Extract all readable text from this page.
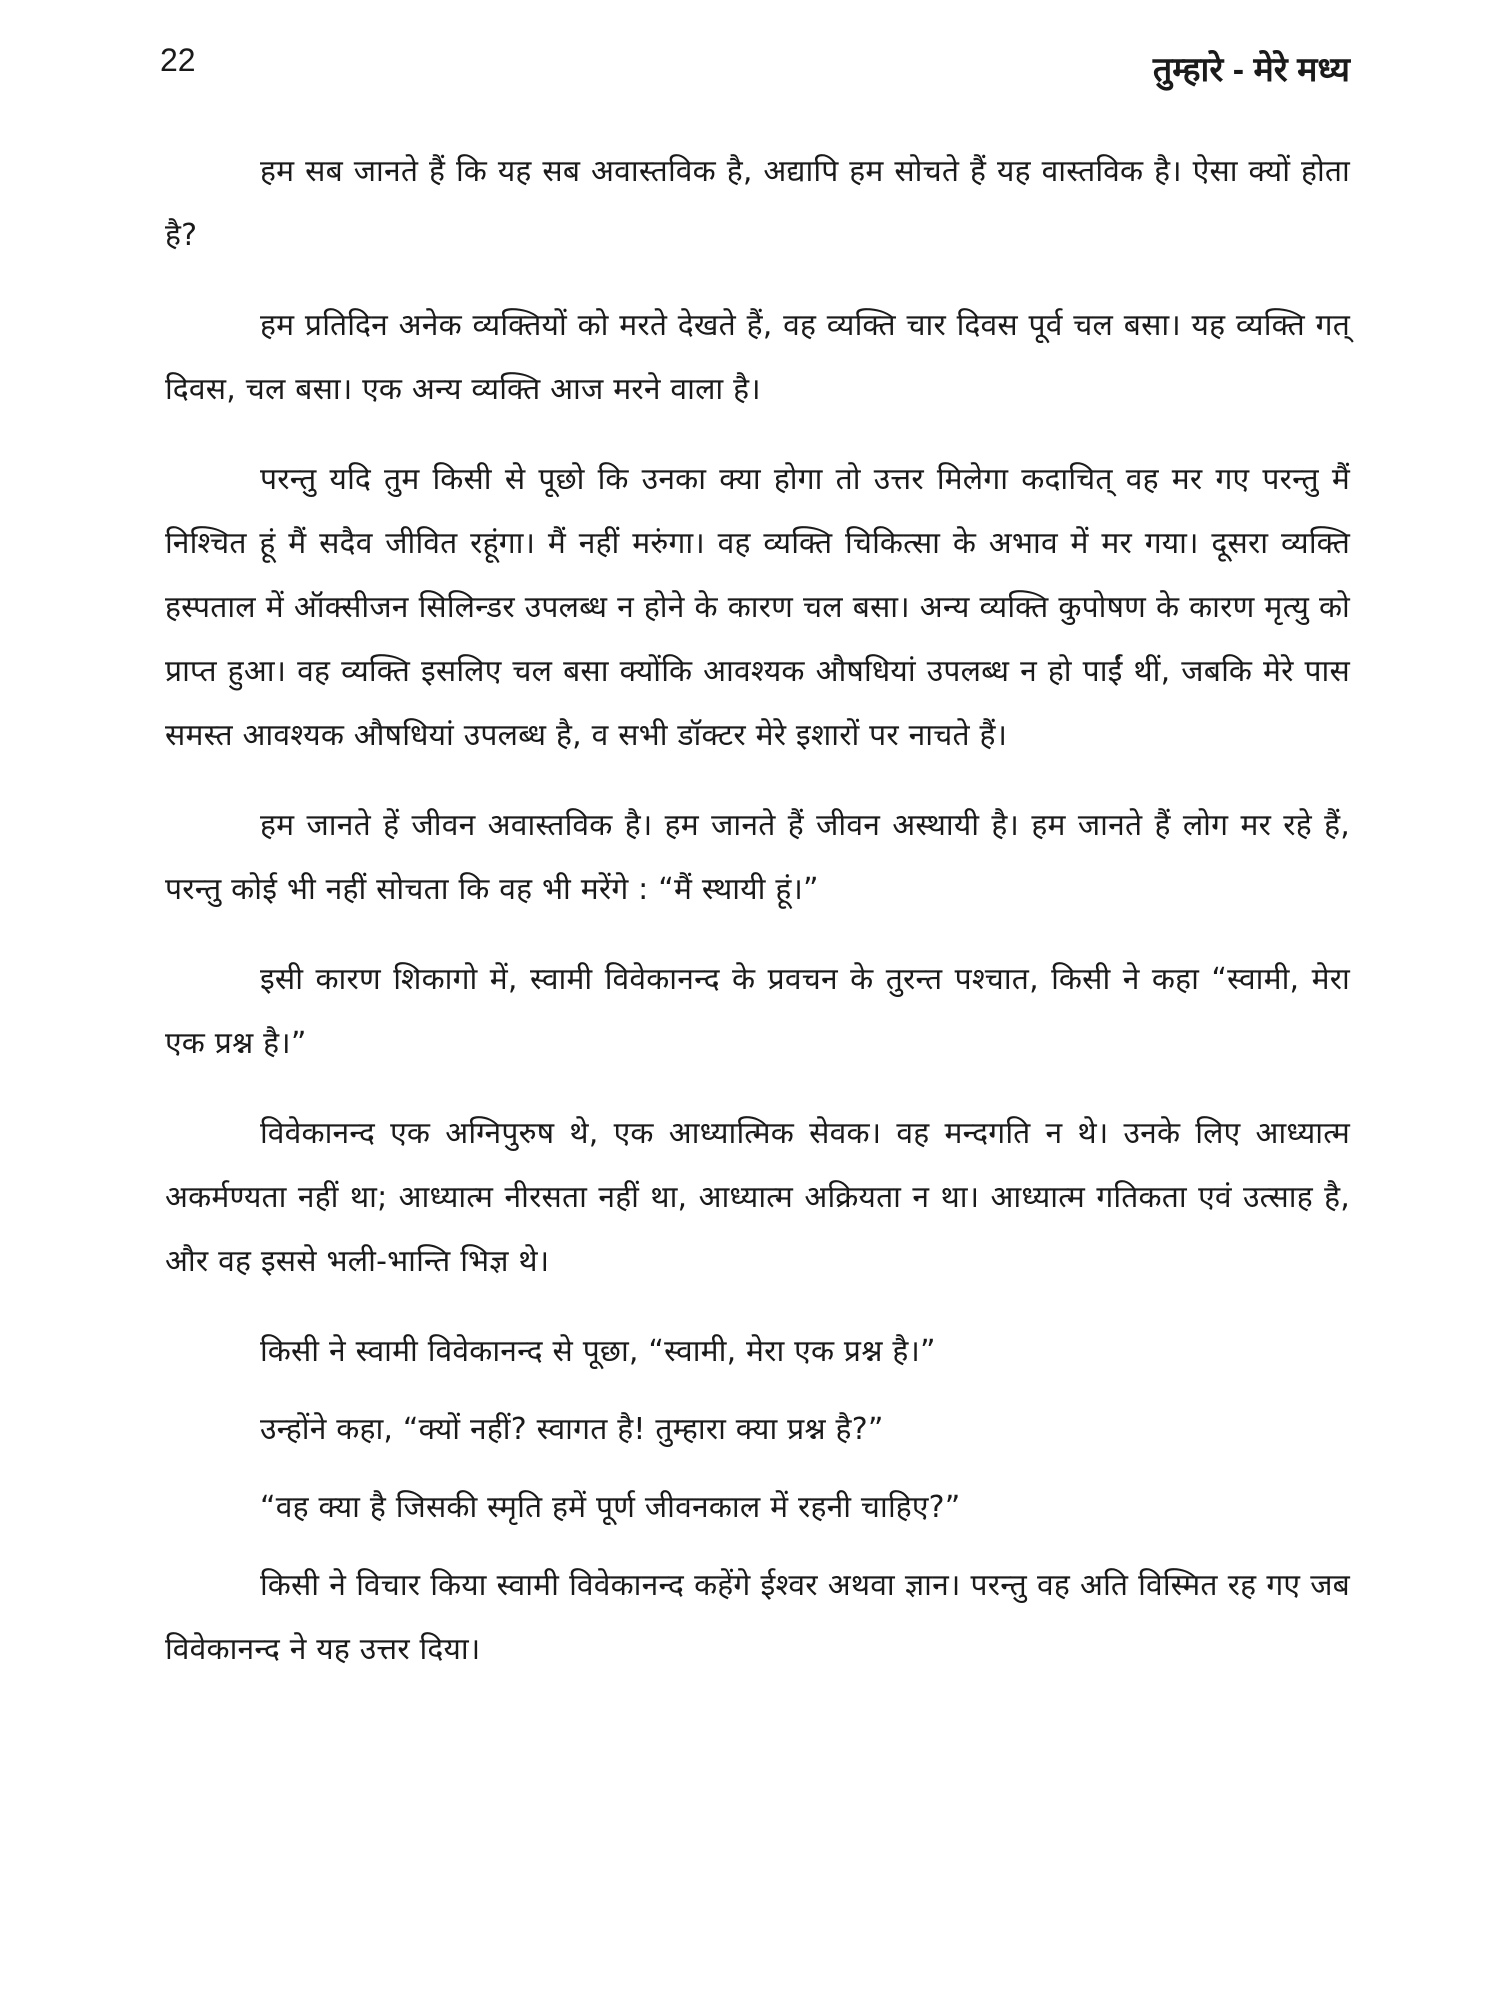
22	तुम्हारे - मेरे मध्य

हम सब जानते हैं कि यह सब अवास्तविक है, अद्यापि हम सोचते हैं यह वास्तविक है। ऐसा क्यों होता है?

हम प्रतिदिन अनेक व्यक्तियों को मरते देखते हैं, वह व्यक्ति चार दिवस पूर्व चल बसा। यह व्यक्ति गत् दिवस, चल बसा। एक अन्य व्यक्ति आज मरने वाला है।

परन्तु यदि तुम किसी से पूछो कि उनका क्या होगा तो उत्तर मिलेगा कदाचित् वह मर गए परन्तु मैं निश्चित हूं मैं सदैव जीवित रहूंगा। मैं नहीं मरुंगा। वह व्यक्ति चिकित्सा के अभाव में मर गया। दूसरा व्यक्ति हस्पताल में ऑक्सीजन सिलिन्डर उपलब्ध न होने के कारण चल बसा। अन्य व्यक्ति कुपोषण के कारण मृत्यु को प्राप्त हुआ। वह व्यक्ति इसलिए चल बसा क्योंकि आवश्यक औषधियां उपलब्ध न हो पाईं थीं, जबकि मेरे पास समस्त आवश्यक औषधियां उपलब्ध है, व सभी डॉक्टर मेरे इशारों पर नाचते हैं।

हम जानते हें जीवन अवास्तविक है। हम जानते हैं जीवन अस्थायी है। हम जानते हैं लोग मर रहे हैं, परन्तु कोई भी नहीं सोचता कि वह भी मरेंगे : “मैं स्थायी हूं।”

इसी कारण शिकागो में, स्वामी विवेकानन्द के प्रवचन के तुरन्त पश्चात, किसी ने कहा “स्वामी, मेरा एक प्रश्न है।”

विवेकानन्द एक अग्निपुरुष थे, एक आध्यात्मिक सेवक। वह मन्दगति न थे। उनके लिए आध्यात्म अकर्मण्यता नहीं था; आध्यात्म नीरसता नहीं था, आध्यात्म अक्रियता न था। आध्यात्म गतिकता एवं उत्साह है, और वह इससे भली-भान्ति भिज्ञ थे।

किसी ने स्वामी विवेकानन्द से पूछा, “स्वामी, मेरा एक प्रश्न है।”

उन्होंने कहा, “क्यों नहीं? स्वागत है! तुम्हारा क्या प्रश्न है?”

“वह क्या है जिसकी स्मृति हमें पूर्ण जीवनकाल में रहनी चाहिए?”

किसी ने विचार किया स्वामी विवेकानन्द कहेंगे ईश्वर अथवा ज्ञान। परन्तु वह अति विस्मित रह गए जब विवेकानन्द ने यह उत्तर दिया।
